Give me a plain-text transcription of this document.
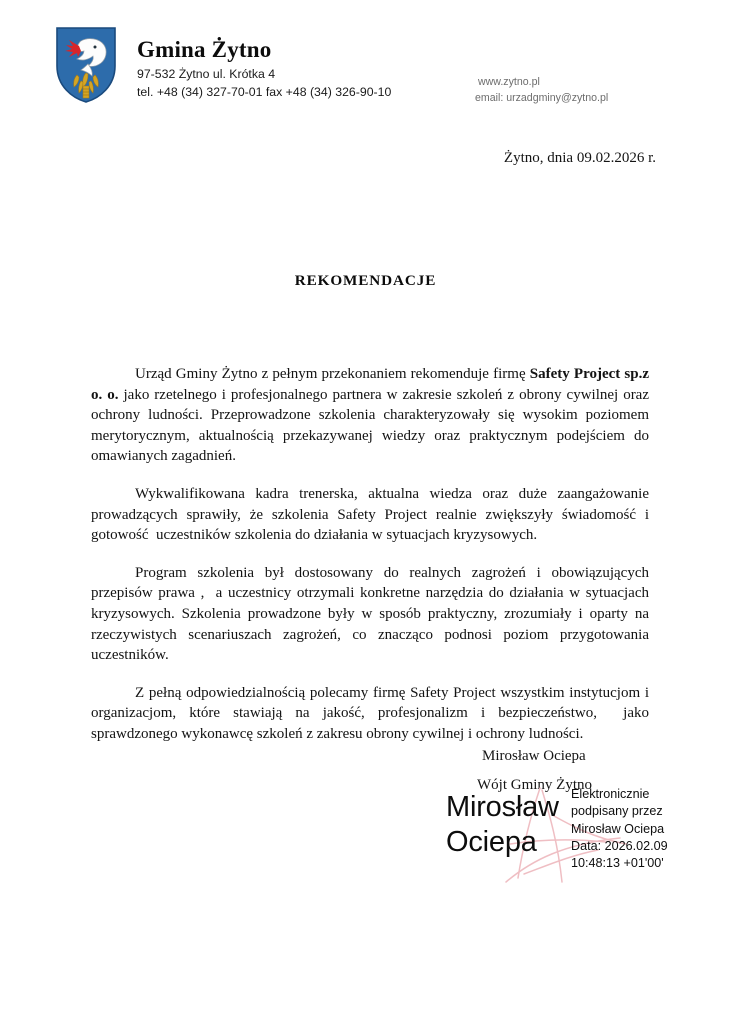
Gmina Żytno
97-532 Żytno ul. Krótka 4
tel. +48 (34) 327-70-01 fax +48 (34) 326-90-10
www.zytno.pl
email: urzadgminy@zytno.pl
Żytno, dnia 09.02.2026 r.
REKOMENDACJE

Urząd Gminy Żytno z pełnym przekonaniem rekomenduje firmę Safety Project sp.z o. o. jako rzetelnego i profesjonalnego partnera w zakresie szkoleń z obrony cywilnej oraz ochrony ludności. Przeprowadzone szkolenia charakteryzowały się wysokim poziomem merytorycznym, aktualnością przekazywanej wiedzy oraz praktycznym podejściem do omawianych zagadnień.

Wykwalifikowana kadra trenerska, aktualna wiedza oraz duże zaangażowanie prowadzących sprawiły, że szkolenia Safety Project realnie zwiększyły świadomość i gotowość  uczestników szkolenia do działania w sytuacjach kryzysowych.

Program szkolenia był dostosowany do realnych zagrożeń i obowiązujących przepisów prawa ,  a uczestnicy otrzymali konkretne narzędzia do działania w sytuacjach kryzysowych. Szkolenia prowadzone były w sposób praktyczny, zrozumiały i oparty na rzeczywistych scenariuszach zagrożeń, co znacząco podnosi poziom przygotowania uczestników.

Z pełną odpowiedzialnością polecamy firmę Safety Project wszystkim instytucjom i organizacjom, które stawiają na jakość, profesjonalizm i bezpieczeństwo,  jako sprawdzonego wykonawcę szkoleń z zakresu obrony cywilnej i ochrony ludności.

Mirosław Ociepa
Wójt Gminy Żytno
Mirosław Ociepa
Elektronicznie
podpisany przez
Mirosław Ociepa
Data: 2026.02.09
10:48:13 +01'00'
